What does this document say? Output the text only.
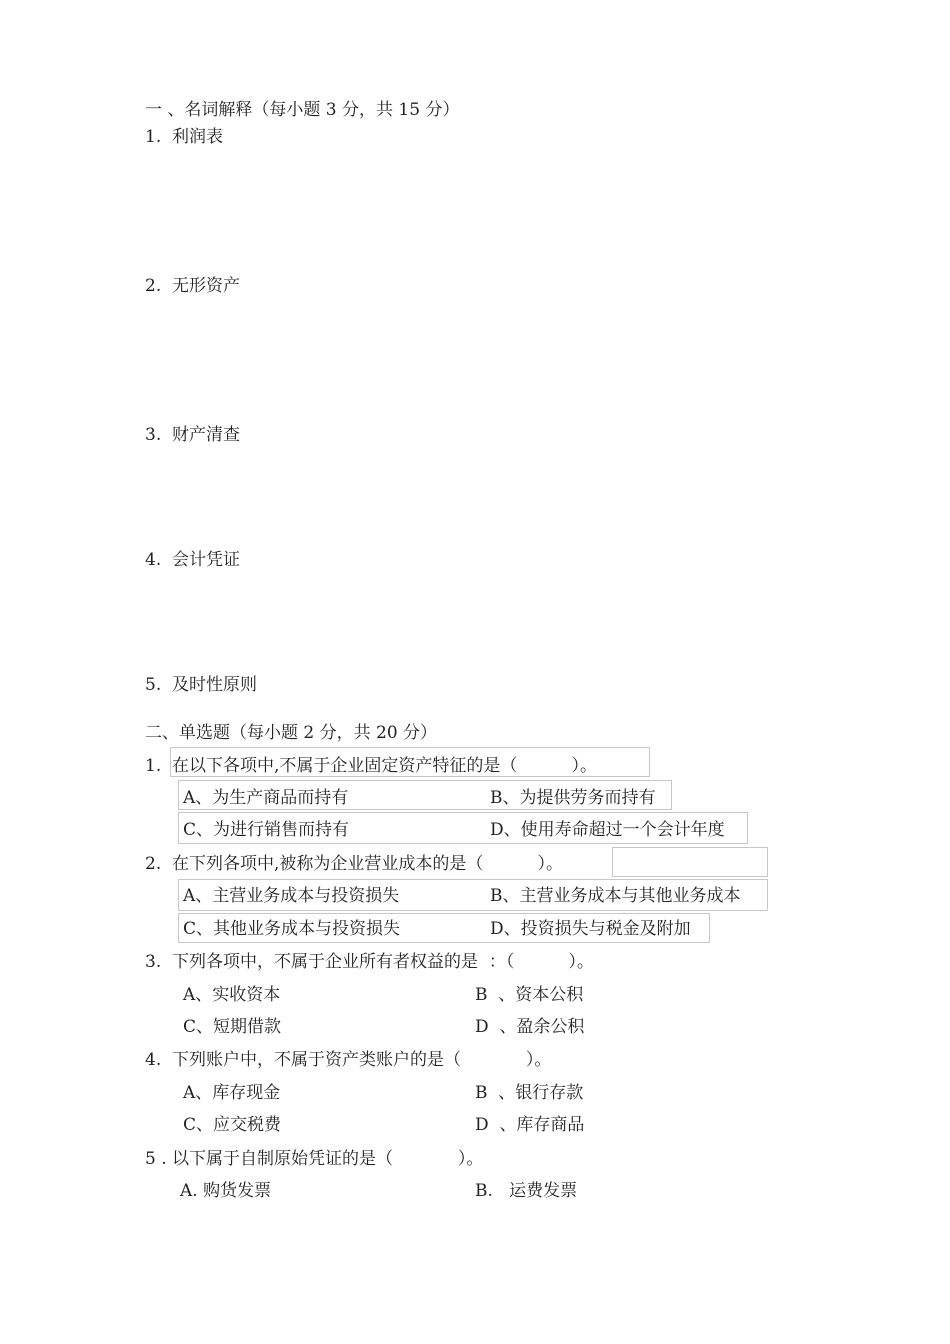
一 、名词解释（每小题 3 分，共 15 分）

1.  利润表

2.  无形资产

3.  财产清查

4.  会计凭证

5.  及时性原则

二、单选题（每小题 2 分，共 20 分）

1.  在以下各项中,不属于企业固定资产特征的是（          ）。

A、为生产商品而持有	B、为提供劳务而持有

C、为进行销售而持有	D、使用寿命超过一个会计年度

2.  在下列各项中,被称为企业营业成本的是（          ）。

A、主营业务成本与投资损失	B、主营业务成本与其他业务成本

C、其他业务成本与投资损失	D、投资损失与税金及附加

3.  下列各项中，不属于企业所有者权益的是  ：（          ）。

A、实收资本	B  、资本公积

C、短期借款	D  、盈余公积

4.  下列账户中，不属于资产类账户的是（            ）。

A、库存现金	B  、银行存款

C、应交税费	D  、库存商品

5 . 以下属于自制原始凭证的是（            ）。

A. 购货发票	B.   运费发票
